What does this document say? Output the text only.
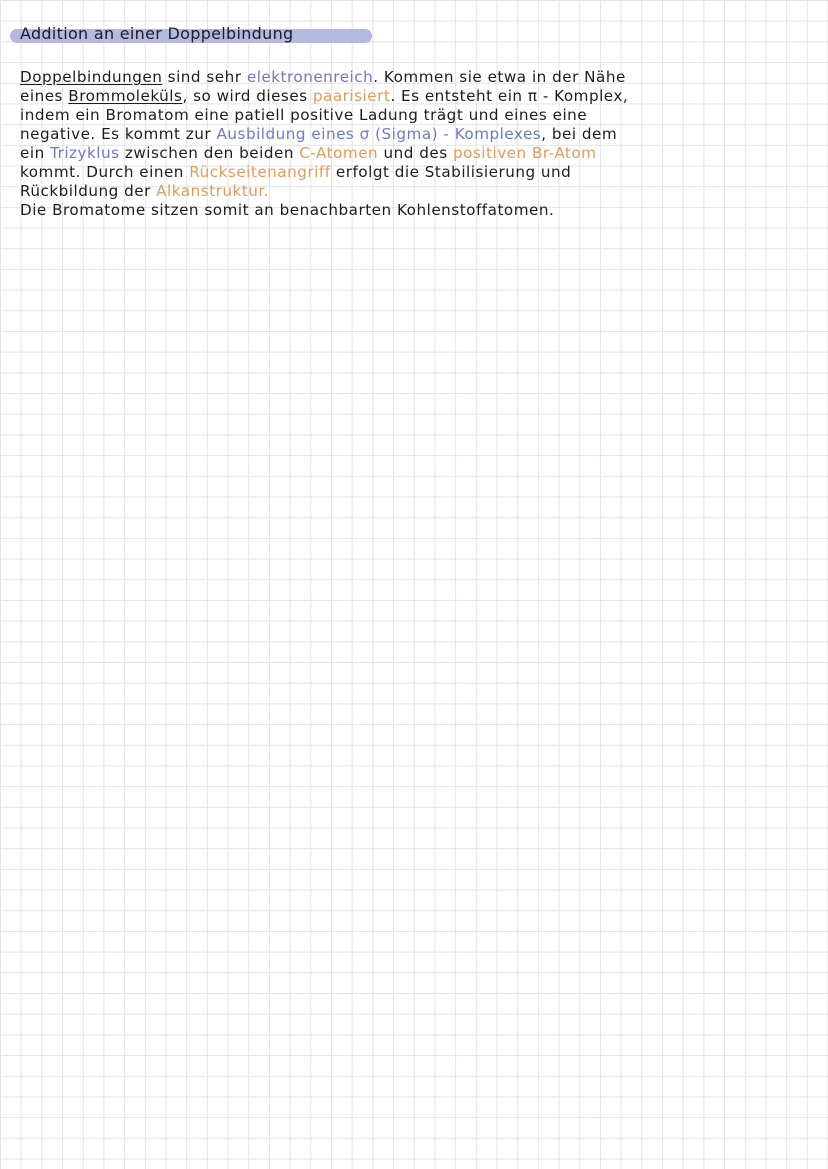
Addition an einer Doppelbindung
Doppelbindungen sind sehr elektronenreich. Kommen sie etwa in der Nähe
eines Brommoleküls, so wird dieses paarisiert. Es entsteht ein π - Komplex,
indem ein Bromatom eine patiell positive Ladung trägt und eines eine
negative. Es kommt zur Ausbildung eines σ (Sigma) - Komplexes, bei dem
ein Trizyklus zwischen den beiden C-Atomen und des positiven Br-Atom
kommt. Durch einen Rückseitenangriff erfolgt die Stabilisierung und
Rückbildung der Alkanstruktur.
Die Bromatome sitzen somit an benachbarten Kohlenstoffatomen.
